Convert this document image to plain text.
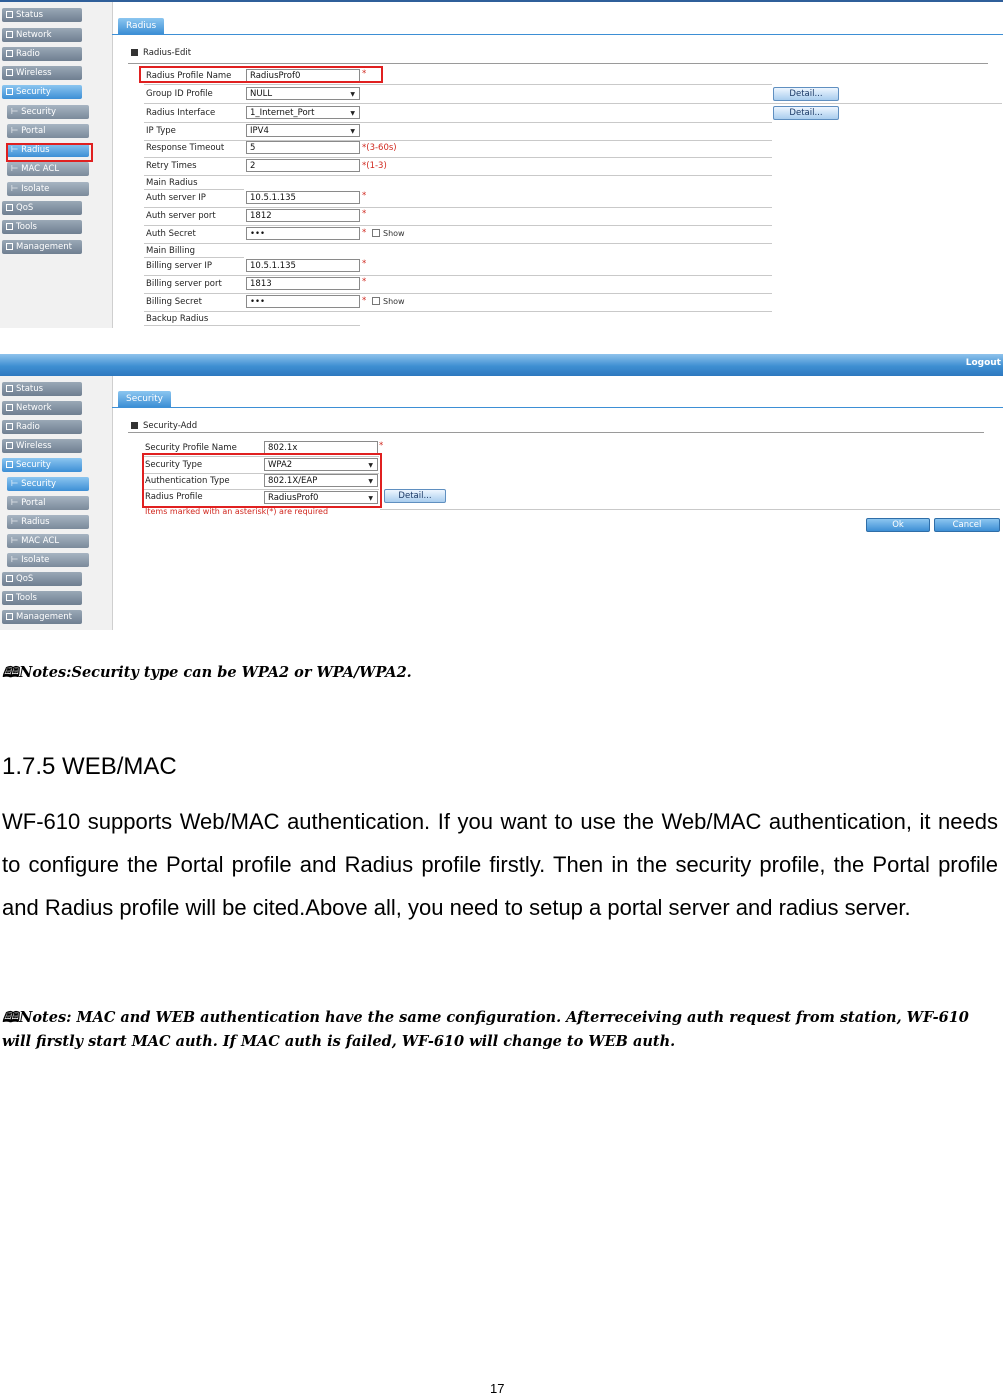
Status
Network
Radio
Wireless
Security
⊢ Security
⊢ Portal
⊢ Radius
⊢ MAC ACL
⊢ Isolate
QoS
Tools
Management
Radius
Radius-Edit
Radius Profile Name	RadiusProf0	*
Group ID Profile	NULL ▼	Detail...
Radius Interface	1_Internet_Port ▼	Detail...
IP Type	IPV4 ▼
Response Timeout	5	*(3-60s)
Retry Times	2	*(1-3)
Main Radius
Auth server IP	10.5.1.135	*
Auth server port	1812	*
Auth Secret	•••	*	Show
Main Billing
Billing server IP	10.5.1.135	*
Billing server port	1813	*
Billing Secret	•••	*	Show
Backup Radius
Logout
Status
Network
Radio
Wireless
Security
⊢ Security
⊢ Portal
⊢ Radius
⊢ MAC ACL
⊢ Isolate
QoS
Tools
Management
Security
Security-Add
Security Profile Name	802.1x	*
Security Type	WPA2 ▼
Authentication Type	802.1X/EAP ▼
Radius Profile	RadiusProf0 ▼	Detail...
Items marked with an asterisk(*) are required
Ok	Cancel
🕮Notes:Security type can be WPA2 or WPA/WPA2.
1.7.5 WEB/MAC
WF-610 supports Web/MAC authentication. If you want to use the Web/MAC authentication, it needs to configure the Portal profile and Radius profile firstly. Then in the security profile, the Portal profile and Radius profile will be cited.Above all, you need to setup a portal server and radius server.
🕮Notes: MAC and WEB authentication have the same configuration. Afterreceiving auth request from station, WF-610 will firstly start MAC auth. If MAC auth is failed, WF-610 will change to WEB auth.
17
